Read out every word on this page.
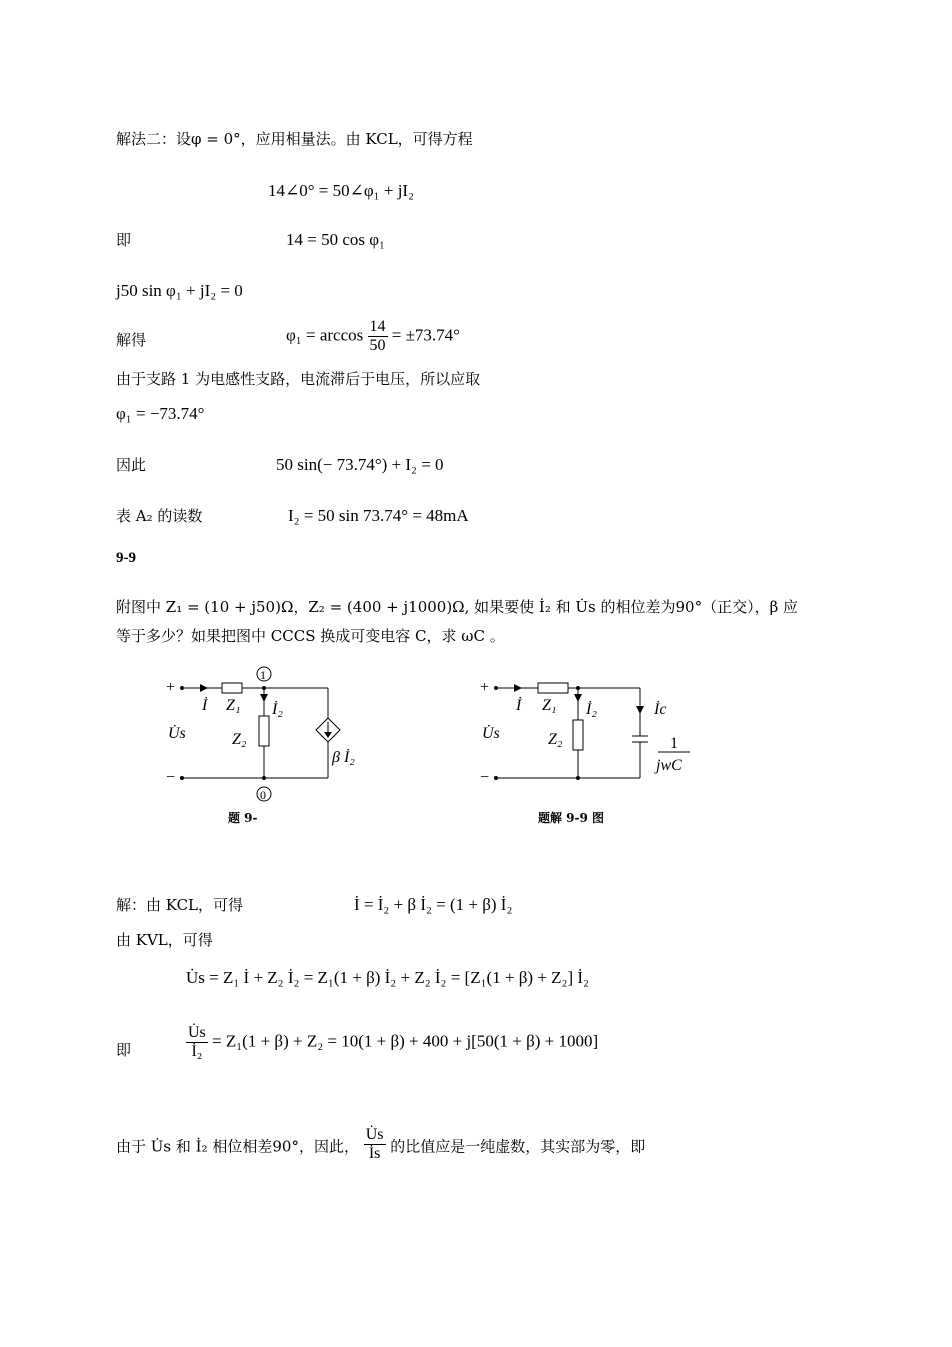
解法二：设φ = 0°，应用相量法。由 KCL，可得方程
14∠0° = 50∠φ₁ + jI₂
即	14 = 50 cos φ₁
j50 sin φ₁ + jI₂ = 0
解得	$\varphi_1 = \arccos \frac{14}{50} = \pm 73.74^\circ$
由于支路 1 为电感性支路，电流滞后于电压，所以应取
φ₁ = −73.74°
因此	50 sin(− 73.74°) + I₂ = 0
表 A₂ 的读数	I₂ = 50 sin 73.74° = 48mA
9-9
附图中 Z₁ = (10 + j50)Ω，Z₂ = (400 + j1000)Ω, 如果要使 İ₂ 和 U̇s 的相位差为90°（正交），β 应
等于多少？如果把图中 CCCS 换成可变电容 C，求 ωC 。
+
−
1
0
İ Z₁ İ₂
U̇s	Z₂
β İ₂
+
−
İ Z₁ İ₂	İc
U̇s	Z₂	1
jwC
题 9-	题解 9-9 图
解：由 KCL，可得	İ = İ₂ + β İ₂ = (1 + β) İ₂
由 KVL，可得
U̇s = Z₁ İ + Z₂ İ₂ = Z₁(1 + β) İ₂ + Z₂ İ₂ = [Z₁(1 + β) + Z₂] İ₂
即	$\frac{U̇s}{\text{İ₂}} = Z_1(1 + \beta) + Z_2 = 10(1 + \beta) + 400 + j[50(1 + \beta) + 1000]$
由于 U̇s 和 İ₂ 相位相差90°，因此， $\frac{U̇s}{İs}$ 的比值应是一纯虚数，其实部为零，即
